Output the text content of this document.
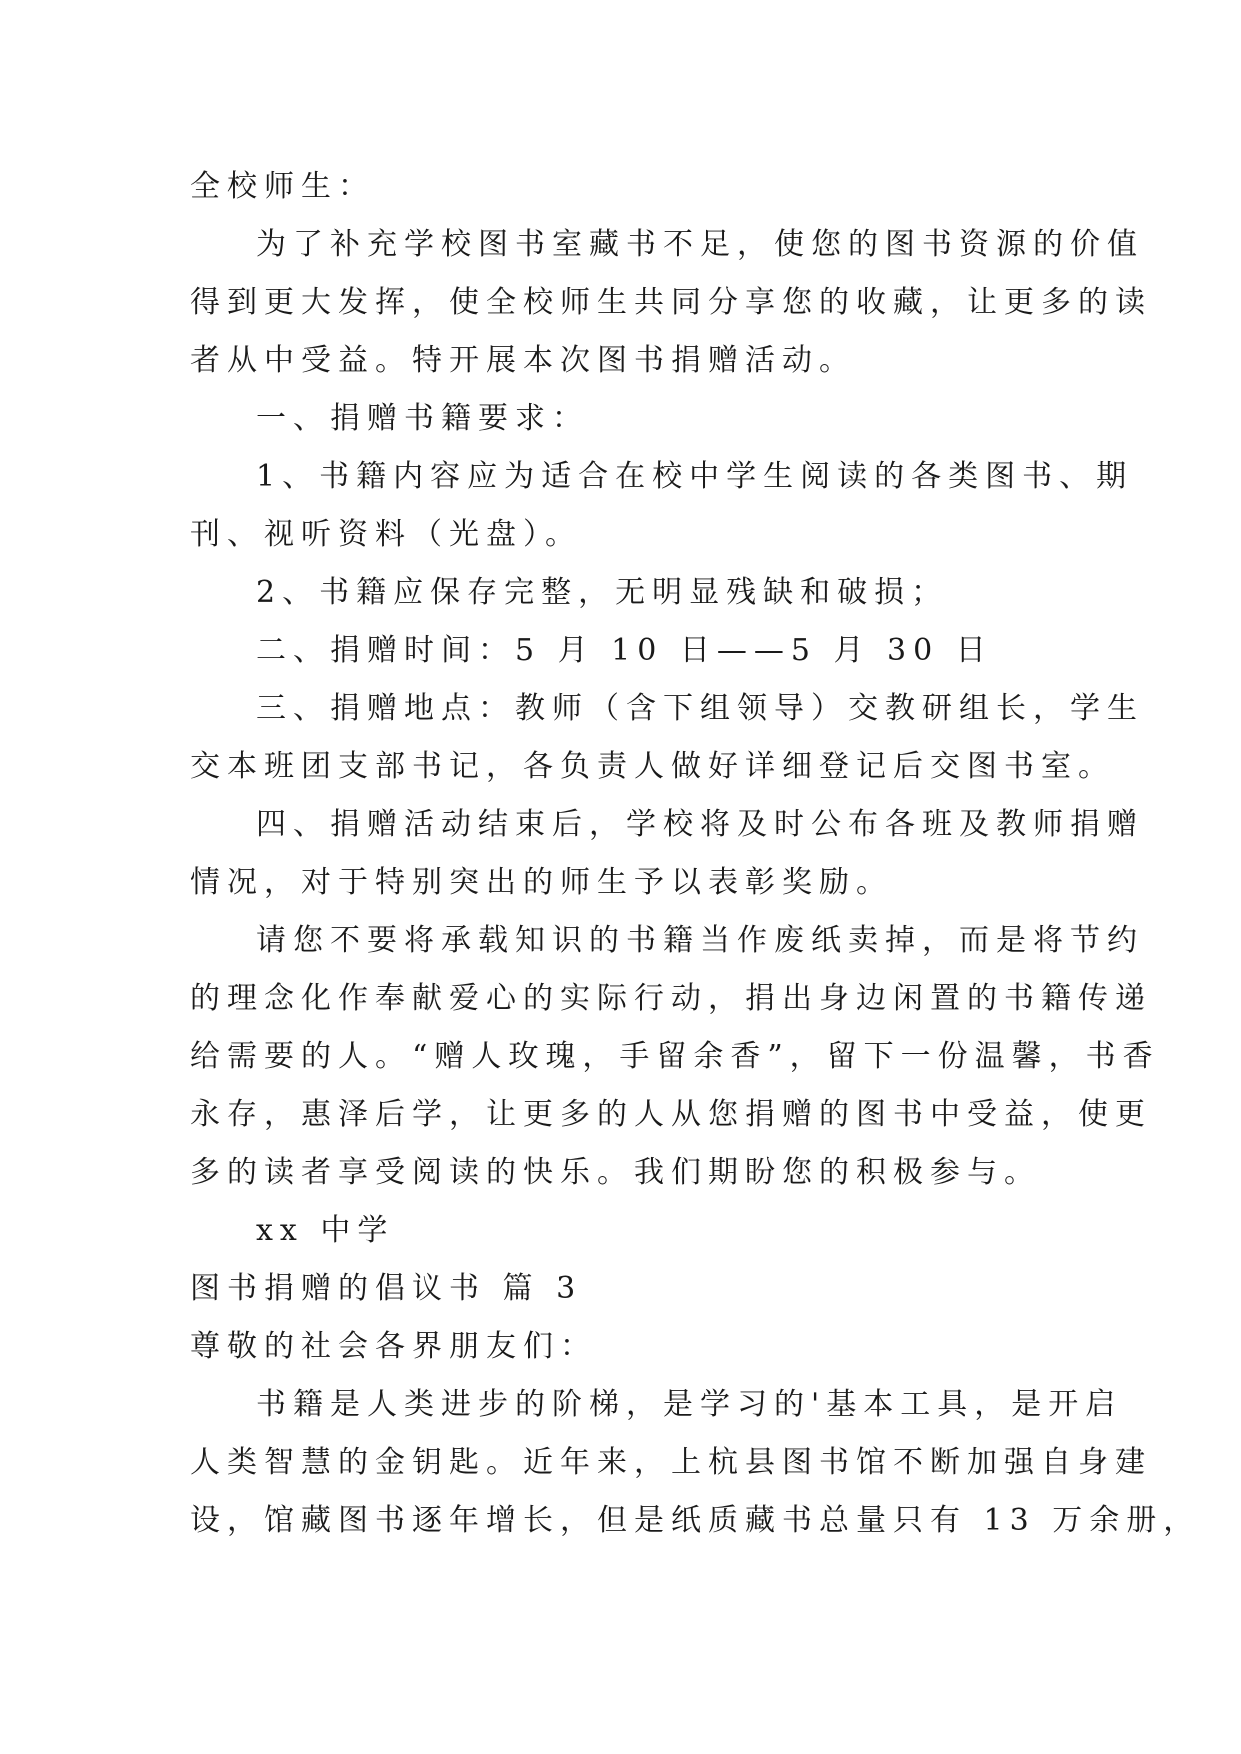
全校师生：
为了补充学校图书室藏书不足，使您的图书资源的价值
得到更大发挥，使全校师生共同分享您的收藏，让更多的读
者从中受益。特开展本次图书捐赠活动。
一、捐赠书籍要求：
1、书籍内容应为适合在校中学生阅读的各类图书、期
刊、视听资料（光盘）。
2、书籍应保存完整，无明显残缺和破损；
二、捐赠时间：5 月 10 日——5 月 30 日
三、捐赠地点：教师（含下组领导）交教研组长，学生
交本班团支部书记，各负责人做好详细登记后交图书室。
四、捐赠活动结束后，学校将及时公布各班及教师捐赠
情况，对于特别突出的师生予以表彰奖励。
请您不要将承载知识的书籍当作废纸卖掉，而是将节约
的理念化作奉献爱心的实际行动，捐出身边闲置的书籍传递
给需要的人。“赠人玫瑰，手留余香”，留下一份温馨，书香
永存，惠泽后学，让更多的人从您捐赠的图书中受益，使更
多的读者享受阅读的快乐。我们期盼您的积极参与。
xx 中学
图书捐赠的倡议书 篇 3
尊敬的社会各界朋友们：
书籍是人类进步的阶梯，是学习的'基本工具，是开启
人类智慧的金钥匙。近年来，上杭县图书馆不断加强自身建
设，馆藏图书逐年增长，但是纸质藏书总量只有 13 万余册，
